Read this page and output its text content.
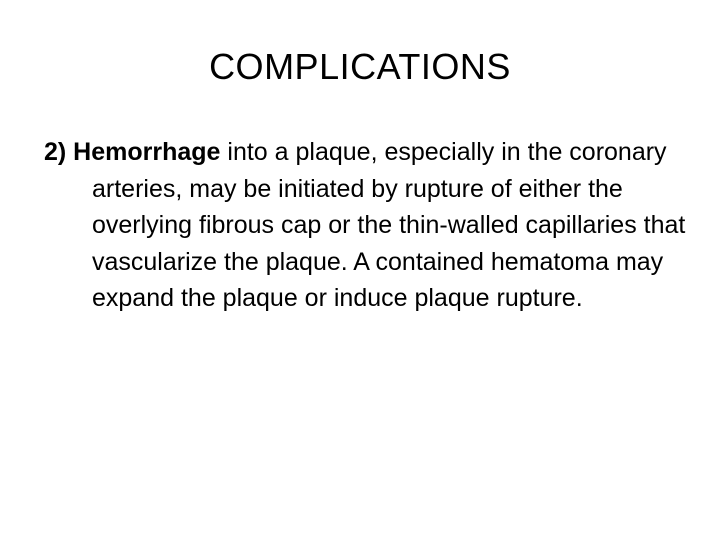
COMPLICATIONS

2) Hemorrhage into a plaque, especially in the coronary arteries, may be initiated by rupture of either the overlying fibrous cap or the thin-walled capillaries that vascularize the plaque. A contained hematoma may expand the plaque or induce plaque rupture.
